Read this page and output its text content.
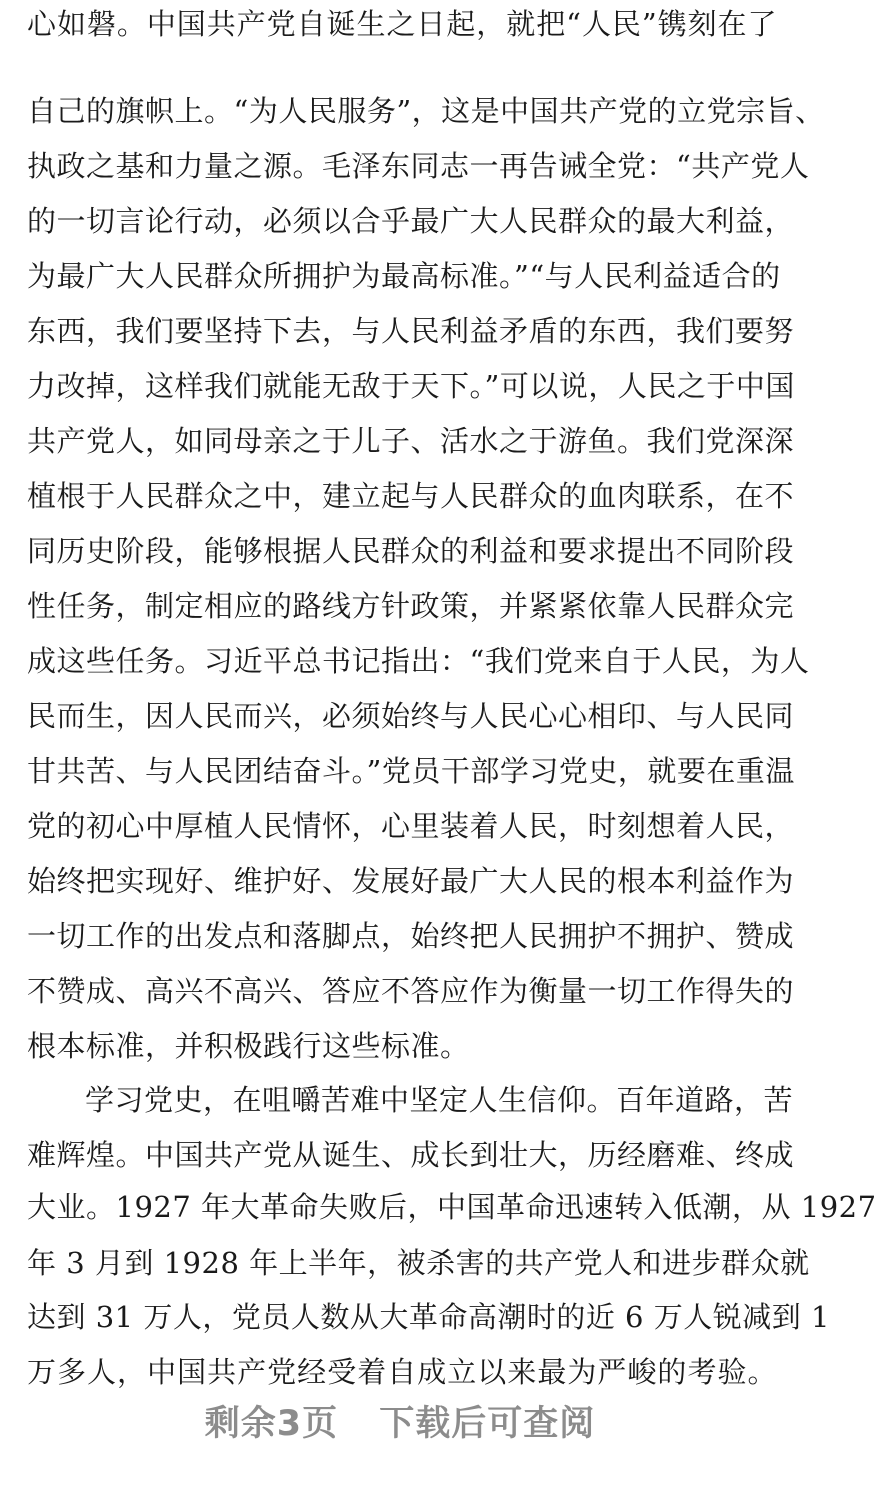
心如磐。中国共产党自诞生之日起，就把“人民”镌刻在了
自己的旗帜上。“为人民服务”，这是中国共产党的立党宗旨、
执政之基和力量之源。毛泽东同志一再告诫全党：“共产党人
的一切言论行动，必须以合乎最广大人民群众的最大利益，
为最广大人民群众所拥护为最高标准。”“与人民利益适合的
东西，我们要坚持下去，与人民利益矛盾的东西，我们要努
力改掉，这样我们就能无敌于天下。”可以说，人民之于中国
共产党人，如同母亲之于儿子、活水之于游鱼。我们党深深
植根于人民群众之中，建立起与人民群众的血肉联系，在不
同历史阶段，能够根据人民群众的利益和要求提出不同阶段
性任务，制定相应的路线方针政策，并紧紧依靠人民群众完
成这些任务。习近平总书记指出：“我们党来自于人民，为人
民而生，因人民而兴，必须始终与人民心心相印、与人民同
甘共苦、与人民团结奋斗。”党员干部学习党史，就要在重温
党的初心中厚植人民情怀，心里装着人民，时刻想着人民，
始终把实现好、维护好、发展好最广大人民的根本利益作为
一切工作的出发点和落脚点，始终把人民拥护不拥护、赞成
不赞成、高兴不高兴、答应不答应作为衡量一切工作得失的
根本标准，并积极践行这些标准。
学习党史，在咀嚼苦难中坚定人生信仰。百年道路，苦
难辉煌。中国共产党从诞生、成长到壮大，历经磨难、终成
大业。1927 年大革命失败后，中国革命迅速转入低潮，从 1927
年 3 月到 1928 年上半年，被杀害的共产党人和进步群众就
达到 31 万人，党员人数从大革命高潮时的近 6 万人锐减到 1
万多人，中国共产党经受着自成立以来最为严峻的考验。
剩余3页 下载后可查阅
